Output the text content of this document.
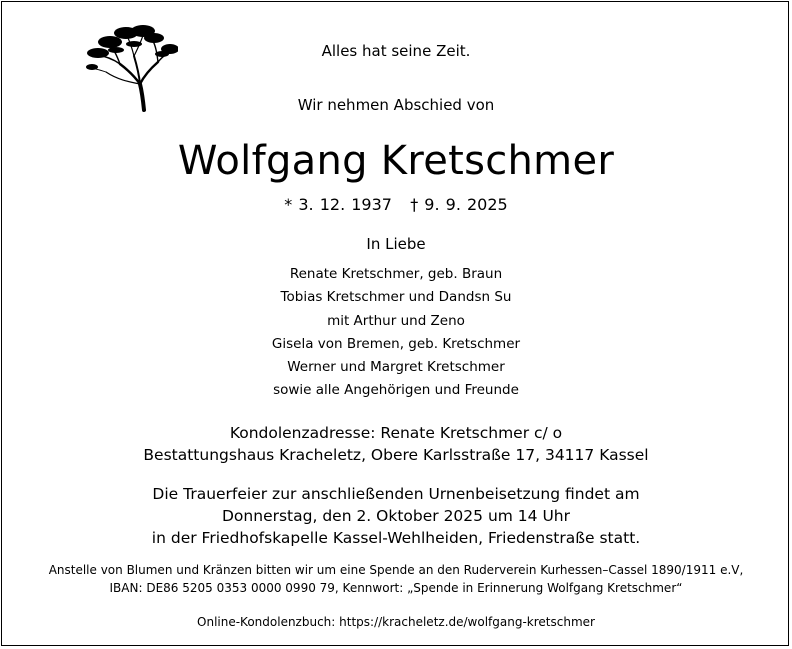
Alles hat seine Zeit.
Wir nehmen Abschied von
Wolfgang Kretschmer
* 3. 12. 1937   † 9. 9. 2025
In Liebe
Renate Kretschmer, geb. Braun
Tobias Kretschmer und Dandsn Su
mit Arthur und Zeno
Gisela von Bremen, geb. Kretschmer
Werner und Margret Kretschmer
sowie alle Angehörigen und Freunde
Kondolenzadresse: Renate Kretschmer c/ o
Bestattungshaus Kracheletz, Obere Karlsstraße 17, 34117 Kassel
Die Trauerfeier zur anschließenden Urnenbeisetzung findet am
Donnerstag, den 2. Oktober 2025 um 14 Uhr
in der Friedhofskapelle Kassel-Wehlheiden, Friedenstraße statt.
Anstelle von Blumen und Kränzen bitten wir um eine Spende an den Ruderverein Kurhessen–Cassel 1890/1911 e.V,
IBAN: DE86 5205 0353 0000 0990 79, Kennwort: „Spende in Erinnerung Wolfgang Kretschmer“
Online-Kondolenzbuch: https://kracheletz.de/wolfgang-kretschmer
